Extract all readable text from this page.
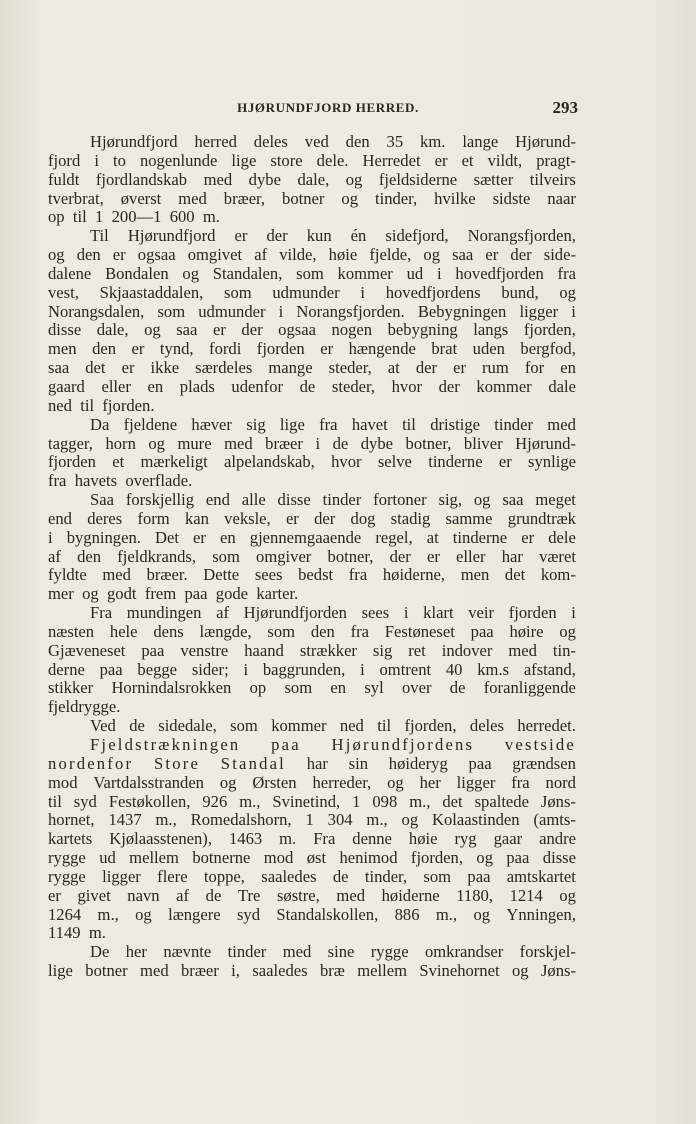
HJØRUNDFJORD HERRED.	293
Hjørundfjord herred deles ved den 35 km. lange Hjørund-
fjord i to nogenlunde lige store dele. Herredet er et vildt, pragt-
fuldt fjordlandskab med dybe dale, og fjeldsiderne sætter tilveirs
tverbrat, øverst med bræer, botner og tinder, hvilke sidste naar
op til 1 200—1 600 m.
Til Hjørundfjord er der kun én sidefjord, Norangsfjorden,
og den er ogsaa omgivet af vilde, høie fjelde, og saa er der side-
dalene Bondalen og Standalen, som kommer ud i hovedfjorden fra
vest, Skjaastaddalen, som udmunder i hovedfjordens bund, og
Norangsdalen, som udmunder i Norangsfjorden. Bebygningen ligger i
disse dale, og saa er der ogsaa nogen bebygning langs fjorden,
men den er tynd, fordi fjorden er hængende brat uden bergfod,
saa det er ikke særdeles mange steder, at der er rum for en
gaard eller en plads udenfor de steder, hvor der kommer dale
ned til fjorden.
Da fjeldene hæver sig lige fra havet til dristige tinder med
tagger, horn og mure med bræer i de dybe botner, bliver Hjørund-
fjorden et mærkeligt alpelandskab, hvor selve tinderne er synlige
fra havets overflade.
Saa forskjellig end alle disse tinder fortoner sig, og saa meget
end deres form kan veksle, er der dog stadig samme grundtræk
i bygningen. Det er en gjennemgaaende regel, at tinderne er dele
af den fjeldkrands, som omgiver botner, der er eller har været
fyldte med bræer. Dette sees bedst fra høiderne, men det kom-
mer og godt frem paa gode karter.
Fra mundingen af Hjørundfjorden sees i klart veir fjorden i
næsten hele dens længde, som den fra Festøneset paa høire og
Gjæveneset paa venstre haand strækker sig ret indover med tin-
derne paa begge sider; i baggrunden, i omtrent 40 km.s afstand,
stikker Hornindalsrokken op som en syl over de foranliggende
fjeldrygge.
Ved de sidedale, som kommer ned til fjorden, deles herredet.
Fjeldstrækningen paa Hjørundfjordens vestside
nordenfor Store Standal har sin høideryg paa grændsen
mod Vartdalsstranden og Ørsten herreder, og her ligger fra nord
til syd Festøkollen, 926 m., Svinetind, 1 098 m., det spaltede Jøns-
hornet, 1437 m., Romedalshorn, 1 304 m., og Kolaastinden (amts-
kartets Kjølaasstenen), 1463 m. Fra denne høie ryg gaar andre
rygge ud mellem botnerne mod øst henimod fjorden, og paa disse
rygge ligger flere toppe, saaledes de tinder, som paa amtskartet
er givet navn af de Tre søstre, med høiderne 1180, 1214 og
1264 m., og længere syd Standalskollen, 886 m., og Ynningen,
1149 m.
De her nævnte tinder med sine rygge omkrandser forskjel-
lige botner med bræer i, saaledes bræ mellem Svinehornet og Jøns-
